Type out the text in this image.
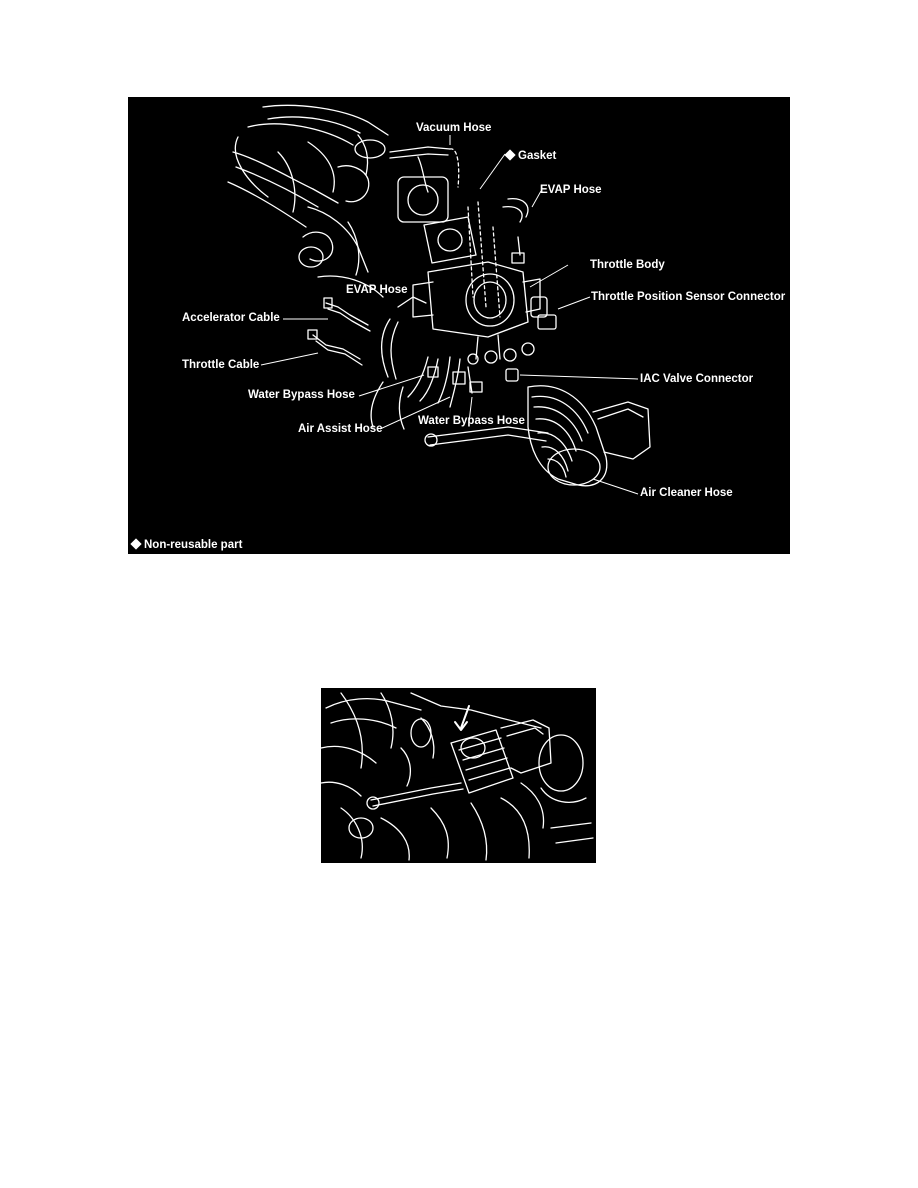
Vacuum Hose
Gasket
EVAP Hose
Throttle Body
Throttle Position Sensor Connector
EVAP Hose
Accelerator Cable
Throttle Cable
Water Bypass Hose
Air Assist Hose
Water Bypass Hose
IAC Valve Connector
Air Cleaner Hose
Non-reusable part
